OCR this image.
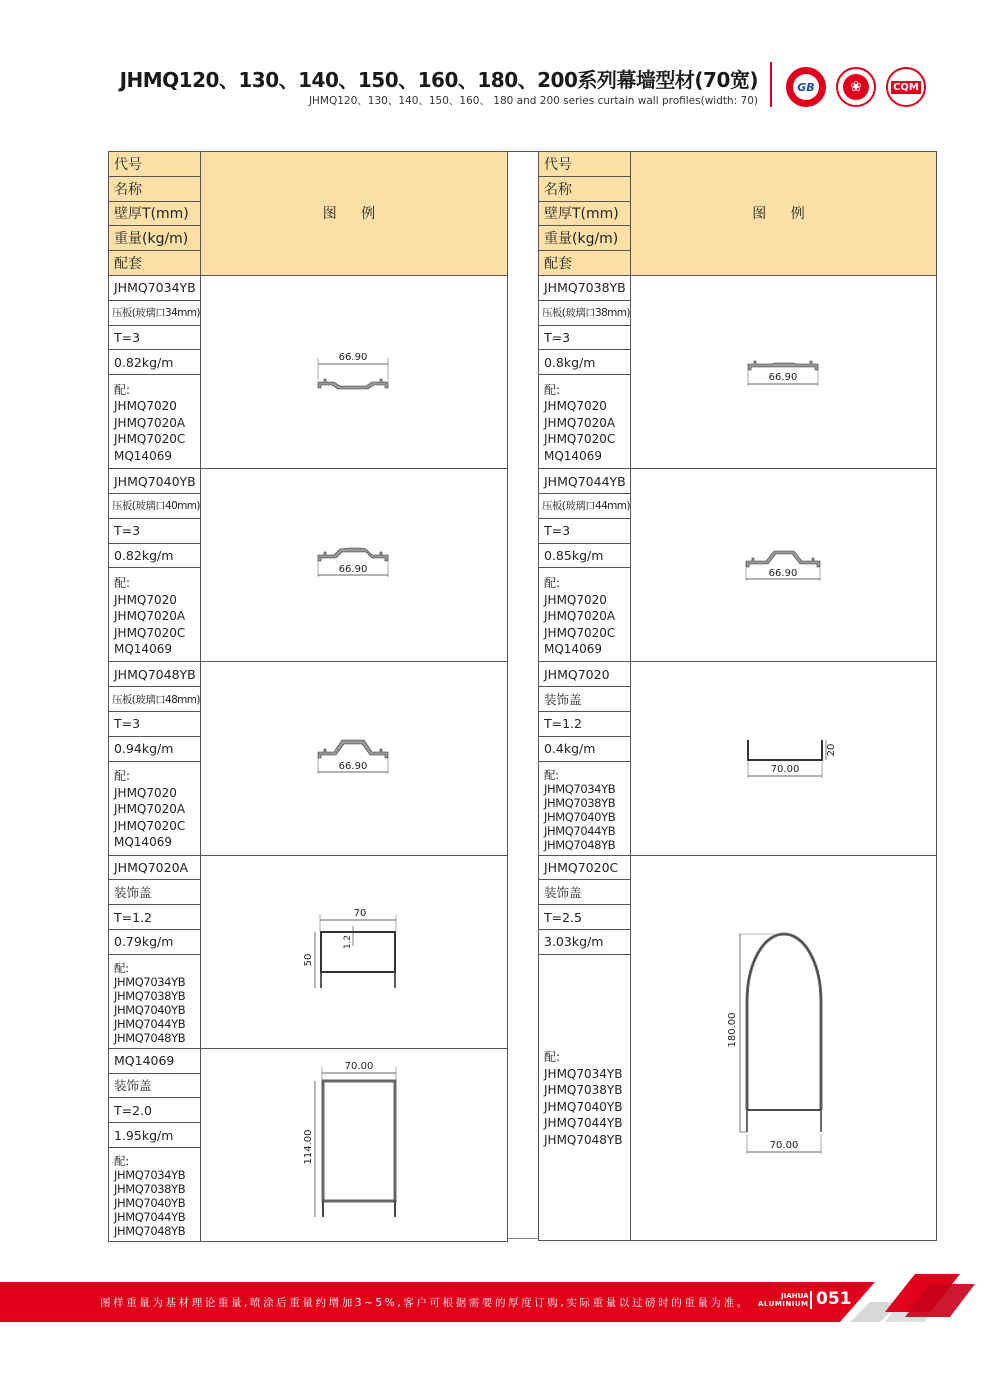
JHMQ120、130、140、150、160、180、200系列幕墙型材(70宽)
JHMQ120、130、140、150、160、 180 and 200 series curtain wall profiles(width: 70)
GB	❀	CQM
代号	图 例
名称	
壁厚T(mm)	
重量(kg/m)	
配套	
JHMQ7034YB	66.90

压板(玻璃口34mm)	
T=3	
0.82kg/m	

配:
JHMQ7020
JHMQ7020A
JHMQ7020C
MQ14069	

JHMQ7040YB	66.90

压板(玻璃口40mm)	
T=3	
0.82kg/m	

配:
JHMQ7020
JHMQ7020A
JHMQ7020C
MQ14069	

JHMQ7048YB	66.90

压板(玻璃口48mm)	
T=3	
0.94kg/m	

配:
JHMQ7020
JHMQ7020A
JHMQ7020C
MQ14069	

JHMQ7020A	70
50
1.2

装饰盖	
T=1.2	
0.79kg/m	

配:
JHMQ7034YB
JHMQ7038YB
JHMQ7040YB
JHMQ7044YB
JHMQ7048YB

MQ14069	70.00
114.00

装饰盖	
T=2.0	
1.95kg/m	

配:
JHMQ7034YB
JHMQ7038YB
JHMQ7040YB
JHMQ7044YB
JHMQ7048YB
代号	图 例
名称	
壁厚T(mm)	
重量(kg/m)	
配套	
JHMQ7038YB	66.90

压板(玻璃口38mm)	
T=3	
0.8kg/m	

配:
JHMQ7020
JHMQ7020A
JHMQ7020C
MQ14069	

JHMQ7044YB	66.90

压板(玻璃口44mm)	
T=3	
0.85kg/m	

配:
JHMQ7020
JHMQ7020A
JHMQ7020C
MQ14069	

JHMQ7020	20
70.00

装饰盖	
T=1.2	
0.4kg/m	

配:
JHMQ7034YB
JHMQ7038YB
JHMQ7040YB
JHMQ7044YB
JHMQ7048YB

JHMQ7020C	180.00
70.00

装饰盖	
T=2.5	
3.03kg/m	

配:
JHMQ7034YB
JHMQ7038YB
JHMQ7040YB
JHMQ7044YB
JHMQ7048YB
图样重量为基材理论重量,喷涂后重量约增加3~5%,客户可根据需要的厚度订购,实际重量以过磅时的重量为准。
JIAHUA
ALUMINIUM 051
